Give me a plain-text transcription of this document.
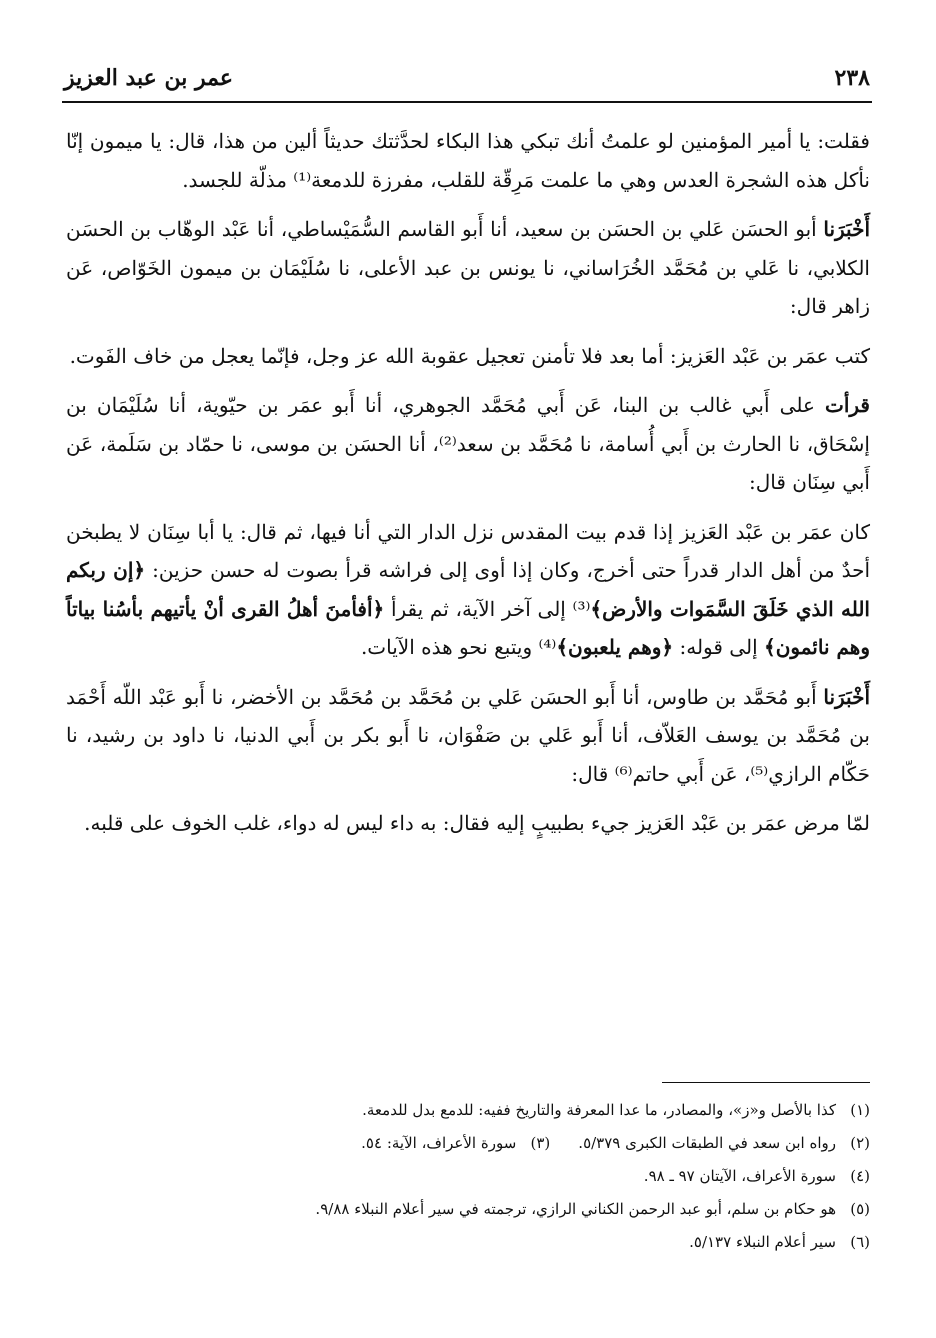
٢٣٨
عمر بن عبد العزيز

فقلت: يا أمير المؤمنين لو علمتُ أنك تبكي هذا البكاء لحدَّثتك حديثاً ألين من هذا، قال: يا ميمون إنّا نأكل هذه الشجرة العدس وهي ما علمت مَرِقّة للقلب، مفرزة للدمعة⁽¹⁾ مذلّة للجسد.

أَخْبَرَنا أبو الحسَن عَلي بن الحسَن بن سعيد، أنا أَبو القاسم السُّمَيْساطي، أنا عَبْد الوهّاب بن الحسَن الكلابي، نا عَلي بن مُحَمَّد الخُرَاساني، نا يونس بن عبد الأعلى، نا سُلَيْمَان بن ميمون الخَوّاص، عَن زاهر قال:

كتب عمَر بن عَبْد العَزيز: أما بعد فلا تأمنن تعجيل عقوبة الله عز وجل، فإنّما يعجل من خاف الفَوت.

قرأت على أَبي غالب بن البنا، عَن أَبي مُحَمَّد الجوهري، أنا أَبو عمَر بن حيّوية، أنا سُلَيْمَان بن إسْحَاق، نا الحارث بن أَبي أُسامة، نا مُحَمَّد بن سعد⁽²⁾، أنا الحسَن بن موسى، نا حمّاد بن سَلَمة، عَن أَبي سِنَان قال:

كان عمَر بن عَبْد العَزيز إذا قدم بيت المقدس نزل الدار التي أنا فيها، ثم قال: يا أبا سِنَان لا يطبخن أحدٌ من أهل الدار قدراً حتى أخرج، وكان إذا أوى إلى فراشه قرأ بصوت له حسن حزين: ﴿إن ربكم الله الذي خَلَقَ السَّمَوات والأرض﴾⁽³⁾ إلى آخر الآية، ثم يقرأ ﴿أفأمنَ أهلُ القرى أنْ يأتيهم بأسُنا بياتاً وهم نائمون﴾ إلى قوله: ﴿وهم يلعبون﴾⁽⁴⁾ ويتبع نحو هذه الآيات.

أَخْبَرَنا أَبو مُحَمَّد بن طاوس، أنا أَبو الحسَن عَلي بن مُحَمَّد بن مُحَمَّد بن الأخضر، نا أَبو عَبْد اللّه أَحْمَد بن مُحَمَّد بن يوسف العَلاّف، أنا أَبو عَلي بن صَفْوَان، نا أَبو بكر بن أَبي الدنيا، نا داود بن رشيد، نا حَكّام الرازي⁽⁵⁾، عَن أَبي حاتم⁽⁶⁾ قال:

لمّا مرض عمَر بن عَبْد العَزيز جيء بطبيبٍ إليه فقال: به داء ليس له دواء، غلب الخوف على قلبه.

(١)
كذا بالأصل و«ز»، والمصادر، ما عدا المعرفة والتاريخ ففيه: للدمع بدل للدمعة.
(٢)
رواه ابن سعد في الطبقات الكبرى ٥/٣٧٩.
(٣)
سورة الأعراف، الآية: ٥٤.
(٤)
سورة الأعراف، الآيتان ٩٧ ـ ٩٨.
(٥)
هو حكام بن سلم، أبو عبد الرحمن الكناني الرازي، ترجمته في سير أعلام النبلاء ٩/٨٨.
(٦)
سير أعلام النبلاء ٥/١٣٧.
